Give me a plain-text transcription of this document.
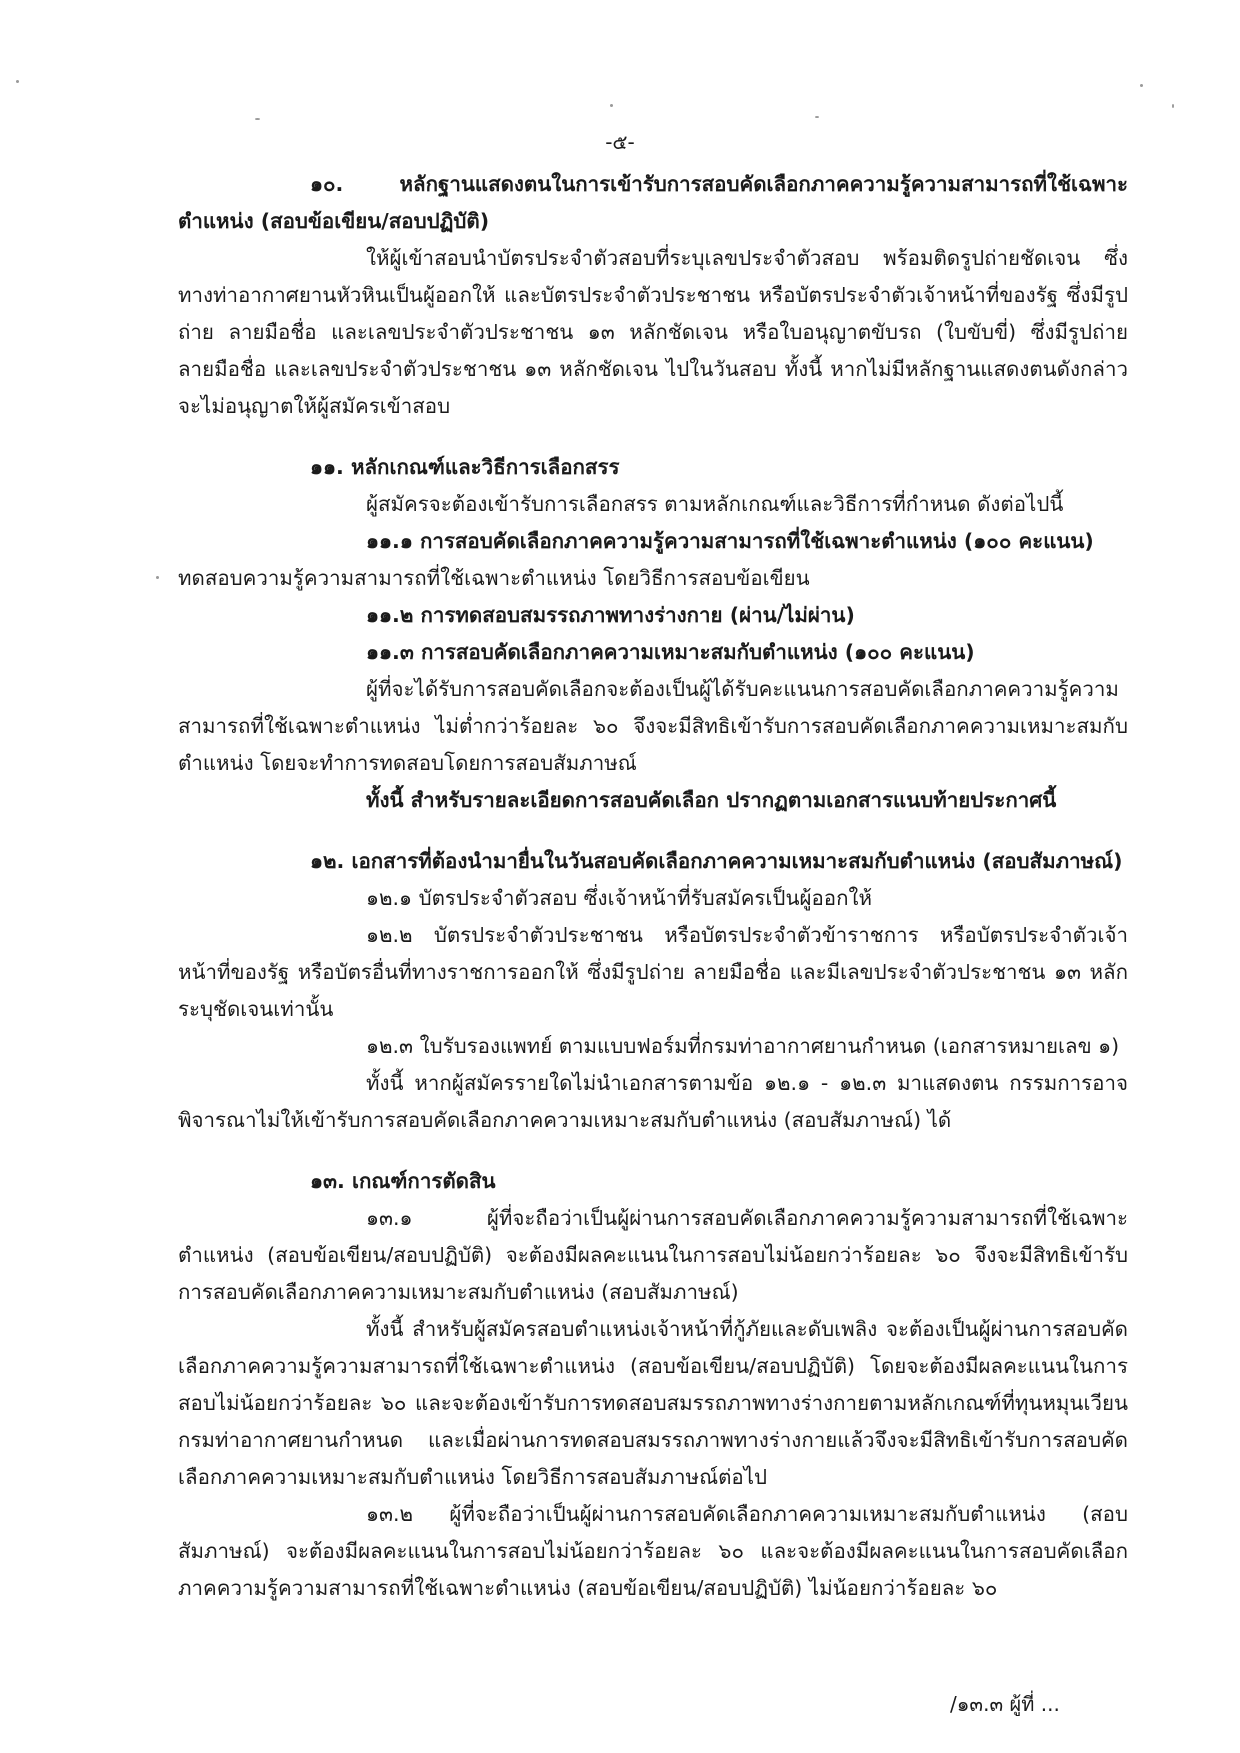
-๕-

๑๐. หลักฐานแสดงตนในการเข้ารับการสอบคัดเลือกภาคความรู้ความสามารถที่ใช้เฉพาะตำแหน่ง (สอบข้อเขียน/สอบปฏิบัติ)

ให้ผู้เข้าสอบนำบัตรประจำตัวสอบที่ระบุเลขประจำตัวสอบ พร้อมติดรูปถ่ายชัดเจน ซึ่งทางท่าอากาศยานหัวหินเป็นผู้ออกให้ และบัตรประจำตัวประชาชน หรือบัตรประจำตัวเจ้าหน้าที่ของรัฐ ซึ่งมีรูปถ่าย ลายมือชื่อ และเลขประจำตัวประชาชน ๑๓ หลักชัดเจน หรือใบอนุญาตขับรถ (ใบขับขี่) ซึ่งมีรูปถ่าย ลายมือชื่อ และเลขประจำตัวประชาชน ๑๓ หลักชัดเจน ไปในวันสอบ ทั้งนี้ หากไม่มีหลักฐานแสดงตนดังกล่าว จะไม่อนุญาตให้ผู้สมัครเข้าสอบ

๑๑. หลักเกณฑ์และวิธีการเลือกสรร

ผู้สมัครจะต้องเข้ารับการเลือกสรร ตามหลักเกณฑ์และวิธีการที่กำหนด ดังต่อไปนี้

๑๑.๑ การสอบคัดเลือกภาคความรู้ความสามารถที่ใช้เฉพาะตำแหน่ง (๑๐๐ คะแนน)

ทดสอบความรู้ความสามารถที่ใช้เฉพาะตำแหน่ง โดยวิธีการสอบข้อเขียน

๑๑.๒ การทดสอบสมรรถภาพทางร่างกาย (ผ่าน/ไม่ผ่าน)

๑๑.๓ การสอบคัดเลือกภาคความเหมาะสมกับตำแหน่ง (๑๐๐ คะแนน)

ผู้ที่จะได้รับการสอบคัดเลือกจะต้องเป็นผู้ได้รับคะแนนการสอบคัดเลือกภาคความรู้ความสามารถที่ใช้เฉพาะตำแหน่ง ไม่ต่ำกว่าร้อยละ ๖๐ จึงจะมีสิทธิเข้ารับการสอบคัดเลือกภาคความเหมาะสมกับตำแหน่ง โดยจะทำการทดสอบโดยการสอบสัมภาษณ์

ทั้งนี้ สำหรับรายละเอียดการสอบคัดเลือก ปรากฏตามเอกสารแนบท้ายประกาศนี้

๑๒. เอกสารที่ต้องนำมายื่นในวันสอบคัดเลือกภาคความเหมาะสมกับตำแหน่ง (สอบสัมภาษณ์)

๑๒.๑ บัตรประจำตัวสอบ ซึ่งเจ้าหน้าที่รับสมัครเป็นผู้ออกให้

๑๒.๒ บัตรประจำตัวประชาชน หรือบัตรประจำตัวข้าราชการ หรือบัตรประจำตัวเจ้าหน้าที่ของรัฐ หรือบัตรอื่นที่ทางราชการออกให้ ซึ่งมีรูปถ่าย ลายมือชื่อ และมีเลขประจำตัวประชาชน ๑๓ หลัก ระบุชัดเจนเท่านั้น

๑๒.๓ ใบรับรองแพทย์ ตามแบบฟอร์มที่กรมท่าอากาศยานกำหนด (เอกสารหมายเลข ๑)

ทั้งนี้ หากผู้สมัครรายใดไม่นำเอกสารตามข้อ ๑๒.๑ - ๑๒.๓ มาแสดงตน กรรมการอาจพิจารณาไม่ให้เข้ารับการสอบคัดเลือกภาคความเหมาะสมกับตำแหน่ง (สอบสัมภาษณ์) ได้

๑๓. เกณฑ์การตัดสิน

๑๓.๑ ผู้ที่จะถือว่าเป็นผู้ผ่านการสอบคัดเลือกภาคความรู้ความสามารถที่ใช้เฉพาะตำแหน่ง (สอบข้อเขียน/สอบปฏิบัติ) จะต้องมีผลคะแนนในการสอบไม่น้อยกว่าร้อยละ ๖๐ จึงจะมีสิทธิเข้ารับการสอบคัดเลือกภาคความเหมาะสมกับตำแหน่ง (สอบสัมภาษณ์)

ทั้งนี้ สำหรับผู้สมัครสอบตำแหน่งเจ้าหน้าที่กู้ภัยและดับเพลิง จะต้องเป็นผู้ผ่านการสอบคัดเลือกภาคความรู้ความสามารถที่ใช้เฉพาะตำแหน่ง (สอบข้อเขียน/สอบปฏิบัติ) โดยจะต้องมีผลคะแนนในการสอบไม่น้อยกว่าร้อยละ ๖๐ และจะต้องเข้ารับการทดสอบสมรรถภาพทางร่างกายตามหลักเกณฑ์ที่ทุนหมุนเวียนกรมท่าอากาศยานกำหนด และเมื่อผ่านการทดสอบสมรรถภาพทางร่างกายแล้วจึงจะมีสิทธิเข้ารับการสอบคัดเลือกภาคความเหมาะสมกับตำแหน่ง โดยวิธีการสอบสัมภาษณ์ต่อไป

๑๓.๒ ผู้ที่จะถือว่าเป็นผู้ผ่านการสอบคัดเลือกภาคความเหมาะสมกับตำแหน่ง (สอบสัมภาษณ์) จะต้องมีผลคะแนนในการสอบไม่น้อยกว่าร้อยละ ๖๐ และจะต้องมีผลคะแนนในการสอบคัดเลือกภาคความรู้ความสามารถที่ใช้เฉพาะตำแหน่ง (สอบข้อเขียน/สอบปฏิบัติ) ไม่น้อยกว่าร้อยละ ๖๐

/๑๓.๓ ผู้ที่ ...
